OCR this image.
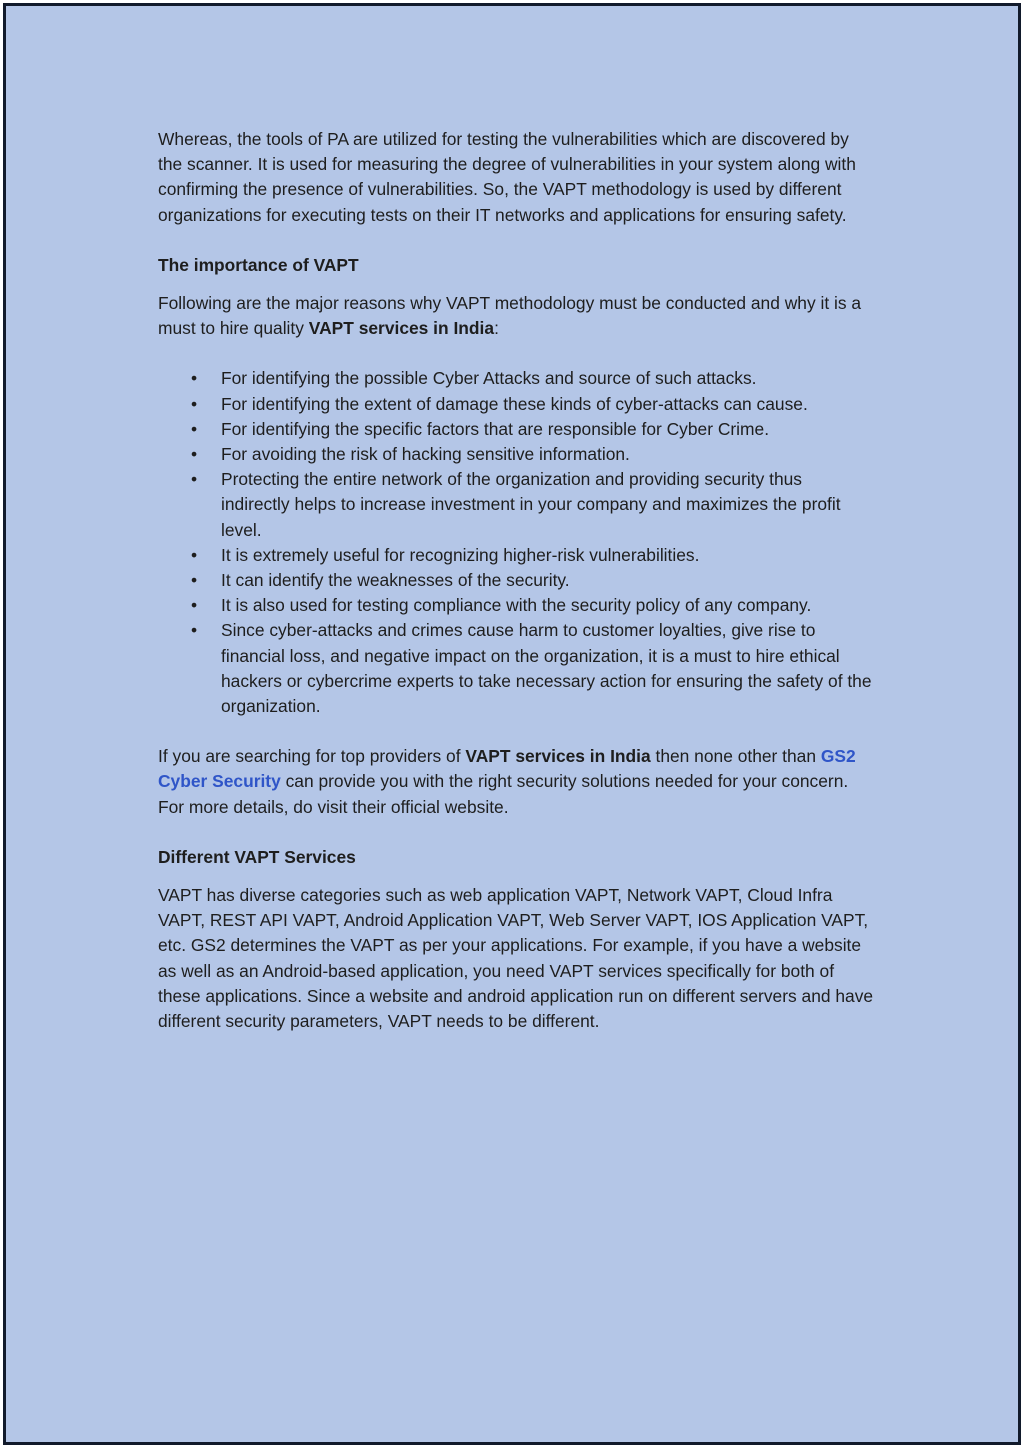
Whereas, the tools of PA are utilized for testing the vulnerabilities which are discovered by the scanner. It is used for measuring the degree of vulnerabilities in your system along with confirming the presence of vulnerabilities. So, the VAPT methodology is used by different organizations for executing tests on their IT networks and applications for ensuring safety.

The importance of VAPT

Following are the major reasons why VAPT methodology must be conducted and why it is a must to hire quality VAPT services in India:

• For identifying the possible Cyber Attacks and source of such attacks.
• For identifying the extent of damage these kinds of cyber-attacks can cause.
• For identifying the specific factors that are responsible for Cyber Crime.
• For avoiding the risk of hacking sensitive information.
• Protecting the entire network of the organization and providing security thus indirectly helps to increase investment in your company and maximizes the profit level.
• It is extremely useful for recognizing higher-risk vulnerabilities.
• It can identify the weaknesses of the security.
• It is also used for testing compliance with the security policy of any company.
• Since cyber-attacks and crimes cause harm to customer loyalties, give rise to financial loss, and negative impact on the organization, it is a must to hire ethical hackers or cybercrime experts to take necessary action for ensuring the safety of the organization.

If you are searching for top providers of VAPT services in India then none other than GS2 Cyber Security can provide you with the right security solutions needed for your concern. For more details, do visit their official website.

Different VAPT Services

VAPT has diverse categories such as web application VAPT, Network VAPT, Cloud Infra VAPT, REST API VAPT, Android Application VAPT, Web Server VAPT, IOS Application VAPT, etc. GS2 determines the VAPT as per your applications. For example, if you have a website as well as an Android-based application, you need VAPT services specifically for both of these applications. Since a website and android application run on different servers and have different security parameters, VAPT needs to be different.
